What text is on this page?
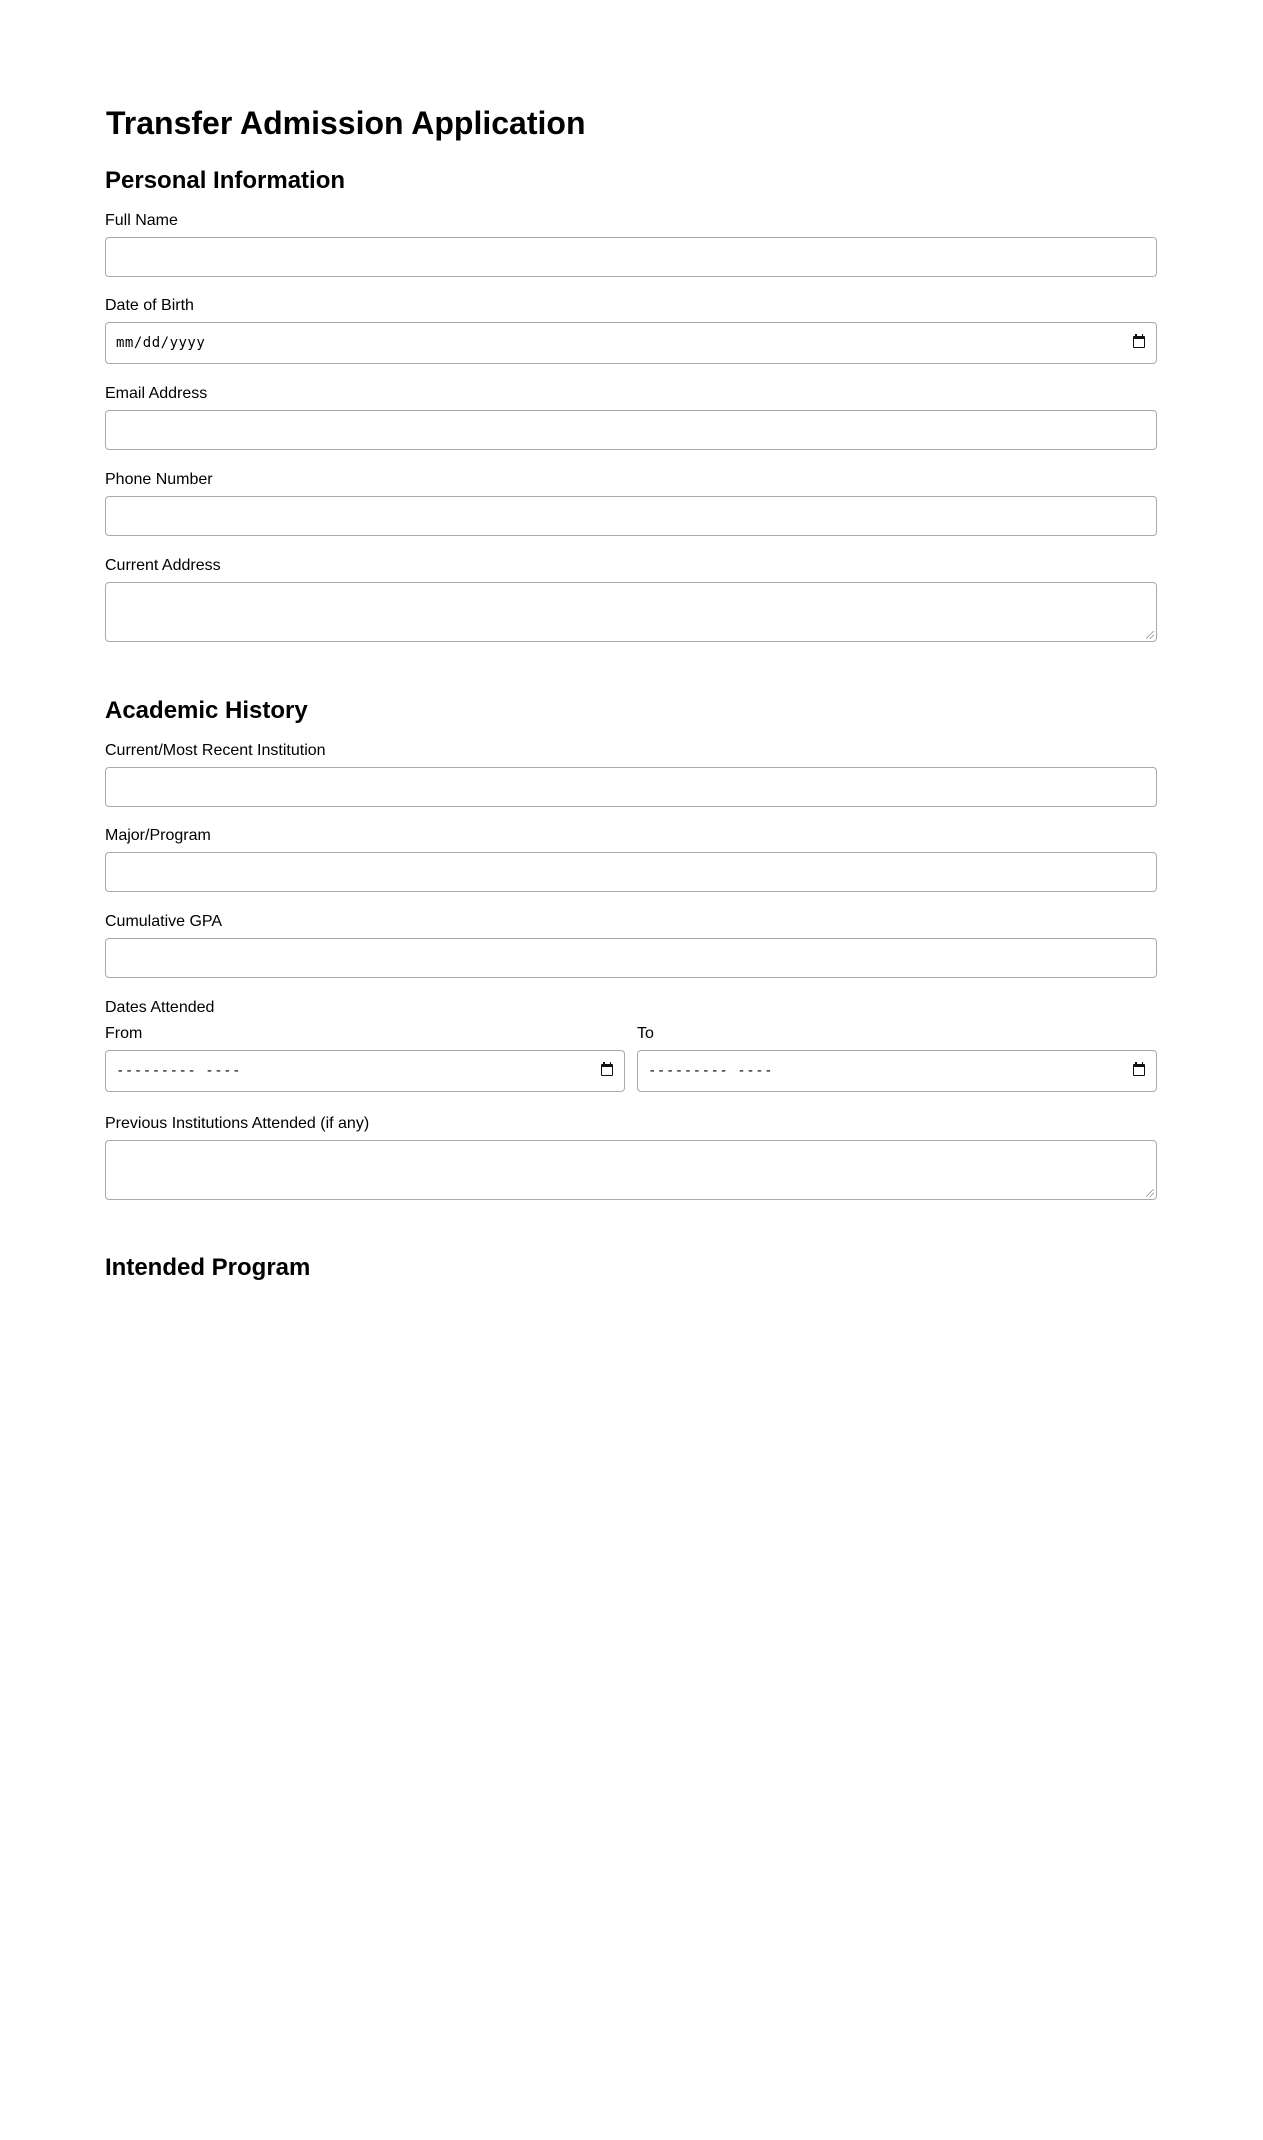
Transfer Admission Application
Personal Information
Full Name
Date of Birth
mm/dd/yyyy
Email Address
Phone Number
Current Address
Academic History
Current/Most Recent Institution
Major/Program
Cumulative GPA
Dates Attended
From
--------- ----
To
--------- ----
Previous Institutions Attended (if any)
Intended Program
